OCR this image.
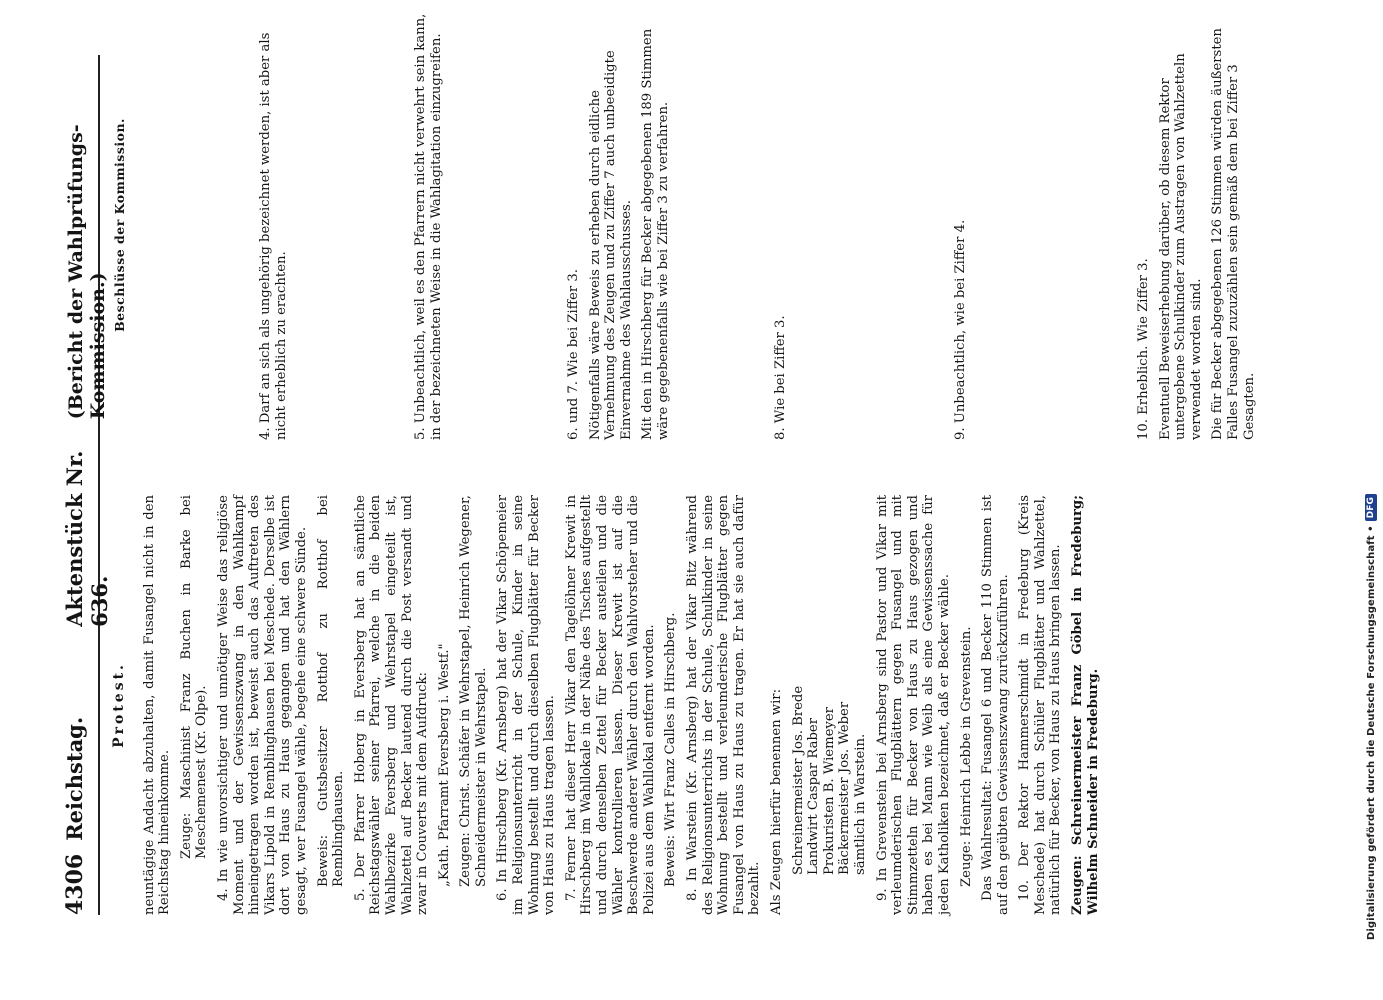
Digitalisierung gefördert durch die Deutsche Forschungsgemeinschaft •
DFG
4306
Reichstag.
Aktenstück Nr. 636.
(Bericht der Wahlprüfungs-Kommission.)
Protest. neuntägige Andacht abzuhalten, damit Fusangel nicht in den Reichstag hineinkomme. Zeuge: Maschinist Franz Buchen in Barke bei Meschemenest (Kr. Olpe). 4. In wie unvorsichtiger und unnötiger Weise das religiöse Moment und der Gewissenszwang in den Wahlkampf hineingetragen worden ist, beweist auch das Auftreten des Vikars Lipold in Remblinghausen bei Meschede. Derselbe ist dort von Haus zu Haus gegangen und hat den Wählern gesagt, wer Fusangel wähle, begehe eine schwere Sünde. Beweis: Gutsbesitzer Rotthof zu Rotthof bei Remblinghausen. 5. Der Pfarrer Hoberg in Eversberg hat an sämtliche Reichstagswähler seiner Pfarrei, welche in die beiden Wahlbezirke Eversberg und Wehrstapel eingeteilt ist, Wahlzettel auf Becker lautend durch die Post versandt und zwar in Couverts mit dem Aufdruck: „Kath. Pfarramt Eversberg i. Westf." Zeugen: Christ. Schäfer in Wehrstapel, Heinrich Wegener, Schneidermeister in Wehrstapel. 6. In Hirschberg (Kr. Arnsberg) hat der Vikar Schöpemeier im Religionsunterricht in der Schule, Kinder in seine Wohnung bestellt und durch dieselben Flugblätter für Becker von Haus zu Haus tragen lassen. 7. Ferner hat dieser Herr Vikar den Tagelöhner Krewit in Hirschberg im Wahllokale in der Nähe des Tisches aufgestellt und durch denselben Zettel für Becker austeilen und die Wähler kontrollieren lassen. Dieser Krewit ist auf die Beschwerde anderer Wähler durch den Wahlvorsteher und die Polizei aus dem Wahllokal entfernt worden. Beweis: Wirt Franz Calles in Hirschberg. 8. In Warstein (Kr. Arnsberg) hat der Vikar Bitz während des Religionsunterrichts in der Schule, Schulkinder in seine Wohnung bestellt und verleumderische Flugblätter gegen Fusangel von Haus zu Haus zu tragen. Er hat sie auch dafür bezahlt. Als Zeugen hierfür benennen wir: Schreinermeister Jos. Brede Landwirt Caspar Raber Prokuristen B. Wiemeyer Bäckermeister Jos. Weber sämtlich in Warstein. 9. In Grevenstein bei Arnsberg sind Pastor und Vikar mit verleumderischen Flugblättern gegen Fusangel und mit Stimmzetteln für Becker von Haus zu Haus gezogen und haben es bei Mann wie Weib als eine Gewissenssache für jeden Katholiken bezeichnet, daß er Becker wähle. Zeuge: Heinrich Lebbe in Grevenstein. Das Wahlresultat: Fusangel 6 und Becker 110 Stimmen ist auf den geübten Gewissenszwang zurückzuführen. 10. Der Rektor Hammerschmidt in Fredeburg (Kreis Meschede) hat durch Schüler Flugblätter und Wahlzettel, natürlich für Becker, von Haus zu Haus bringen lassen. Zeugen: Schreinermeister Franz Göbel in Fredeburg; Wilhelm Schneider in Fredeburg.

Beschlüsse der Kommission.	4. Darf an sich als ungehörig bezeichnet werden, ist aber als nicht erheblich zu erachten.	5. Unbeachtlich, weil es den Pfarrern nicht verwehrt sein kann, in der bezeichneten Weise in die Wahlagitation einzugreifen.	6. und 7. Wie bei Ziffer 3. Nötigenfalls wäre Beweis zu erheben durch eidliche Vernehmung des Zeugen und zu Ziffer 7 auch unbeeidigte Einvernahme des Wahlausschusses. Mit den in Hirschberg für Becker abgegebenen 189 Stimmen wäre gegebenenfalls wie bei Ziffer 3 zu verfahren.	8. Wie bei Ziffer 3.	9. Unbeachtlich, wie bei Ziffer 4.	10. Erheblich. Wie Ziffer 3. Eventuell Beweiserhebung darüber, ob diesem Rektor untergebene Schulkinder zum Austragen von Wahlzetteln verwendet worden sind. Die für Becker abgegebenen 126 Stimmen würden äußersten Falles Fusangel zuzuzählen sein gemäß dem bei Ziffer 3 Gesagten.
